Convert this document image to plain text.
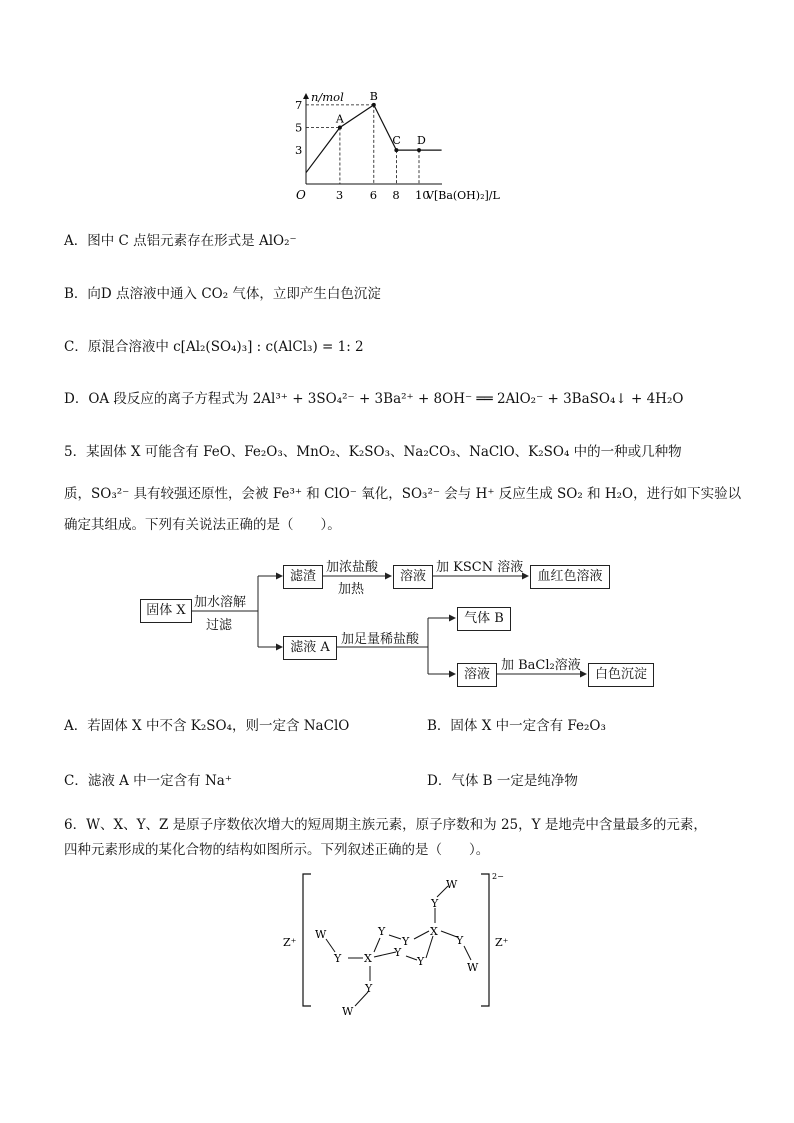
A
B
C D
3 6 8 10
3
5
7
O
n/mol
V[Ba(OH)₂]/L
A．图中 C 点铝元素存在形式是 AlO₂⁻
B．向D 点溶液中通入 CO₂ 气体，立即产生白色沉淀
C．原混合溶液中 c[Al₂(SO₄)₃] : c(AlCl₃) = 1: 2
D．OA 段反应的离子方程式为 2Al³⁺ + 3SO₄²⁻ + 3Ba²⁺ + 8OH⁻ ══ 2AlO₂⁻ + 3BaSO₄↓ + 4H₂O
5．某固体 X 可能含有 FeO、Fe₂O₃、MnO₂、K₂SO₃、Na₂CO₃、NaClO、K₂SO₄ 中的一种或几种物
质，SO₃²⁻ 具有较强还原性，会被 Fe³⁺ 和 ClO⁻ 氧化，SO₃²⁻ 会与 H⁺ 反应生成 SO₂ 和 H₂O，进行如下实验以
确定其组成。下列有关说法正确的是（　　）。
固体 X
加水溶解
过滤
滤渣
加浓盐酸
加热
溶液
加 KSCN 溶液
血红色溶液
滤液 A
加足量稀盐酸
气体 B
溶液
加 BaCl₂溶液
白色沉淀
A．若固体 X 中不含 K₂SO₄，则一定含 NaClO	B．固体 X 中一定含有 Fe₂O₃
C．滤液 A 中一定含有 Na⁺	D．气体 B 一定是纯净物
6．W、X、Y、Z 是原子序数依次增大的短周期主族元素，原子序数和为 25，Y 是地壳中含量最多的元素，
四种元素形成的某化合物的结构如图所示。下列叙述正确的是（　　）。
2−
Z⁺	Z⁺
W
Y X
Y
Y
Y
Y
X
Y
W
Y
W
Y
W
